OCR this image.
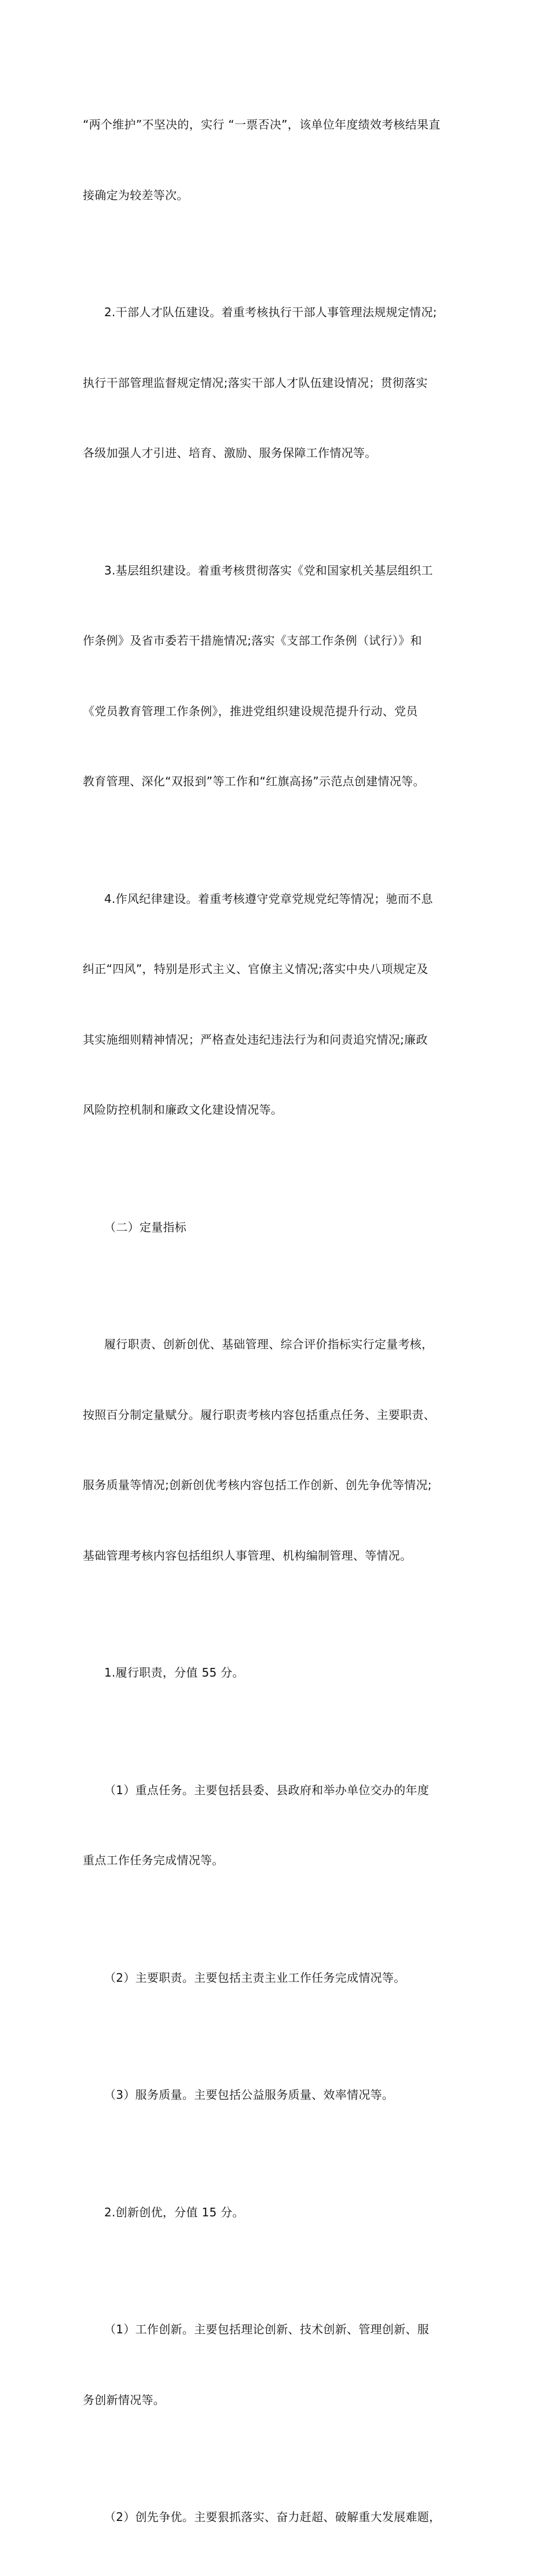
“两个维护”不坚决的，实行 “一票否决”，该单位年度绩效考核结果直

接确定为较差等次。

2.干部人才队伍建设。着重考核执行干部人事管理法规规定情况;

执行干部管理监督规定情况;落实干部人才队伍建设情况；贯彻落实

各级加强人才引进、培育、激励、服务保障工作情况等。

3.基层组织建设。着重考核贯彻落实《党和国家机关基层组织工

作条例》及省市委若干措施情况;落实《支部工作条例（试行）》和

《党员教育管理工作条例》，推进党组织建设规范提升行动、党员

教育管理、深化“双报到”等工作和“红旗高扬”示范点创建情况等。

4.作风纪律建设。着重考核遵守党章党规党纪等情况；驰而不息

纠正“四风”，特别是形式主义、官僚主义情况;落实中央八项规定及

其实施细则精神情况；严格查处违纪违法行为和问责追究情况;廉政

风险防控机制和廉政文化建设情况等。

（二）定量指标

履行职责、创新创优、基础管理、综合评价指标实行定量考核，

按照百分制定量赋分。履行职责考核内容包括重点任务、主要职责、

服务质量等情况;创新创优考核内容包括工作创新、创先争优等情况;

基础管理考核内容包括组织人事管理、机构编制管理、等情况。

1.履行职责，分值 55 分。

（1）重点任务。主要包括县委、县政府和举办单位交办的年度

重点工作任务完成情况等。

（2）主要职责。主要包括主责主业工作任务完成情况等。

（3）服务质量。主要包括公益服务质量、效率情况等。

2.创新创优，分值 15 分。

（1）工作创新。主要包括理论创新、技术创新、管理创新、服

务创新情况等。

（2）创先争优。主要狠抓落实、奋力赶超、破解重大发展难题，
